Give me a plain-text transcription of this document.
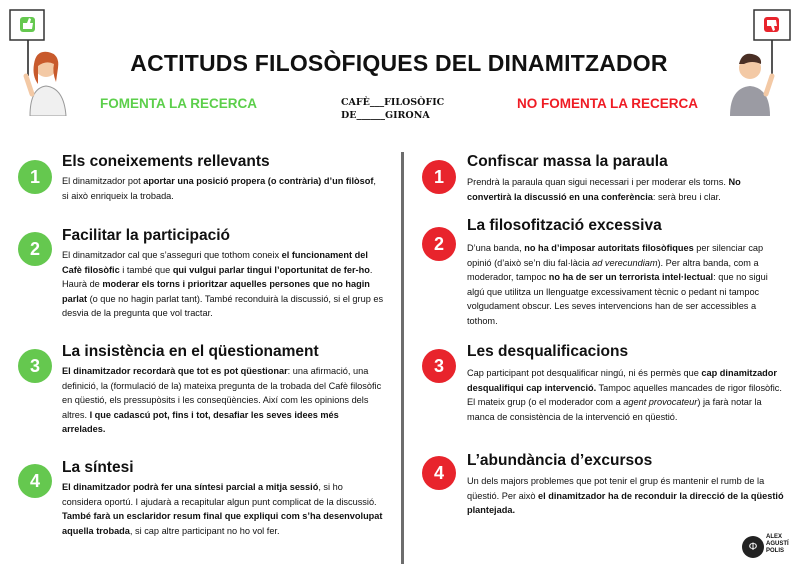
ACTITUDS FILOSÒFIQUES DEL DINAMITZADOR
FOMENTA LA RECERCA	CAFÈ___FILOSÒFIC
DE______GIRONA
NO FOMENTA LA RECERCA
1
Els coneixements rellevants
El dinamitzador pot aportar una posició propera (o contrària) d’un filòsof, si això enriqueix la trobada.
2
Facilitar la participació
El dinamitzador cal que s’asseguri que tothom coneix el funcionament del Cafè filosòfic i també que qui vulgui parlar tingui l’oportunitat de fer-ho. Haurà de moderar els torns i prioritzar aquelles persones que no hagin parlat (o que no hagin parlat tant). També reconduirà la discussió, si el grup es desvia de la pregunta que vol tractar.
3
La insistència en el qüestionament
El dinamitzador recordarà que tot es pot qüestionar: una afirmació, una definició, la (formulació de la) mateixa pregunta de la trobada del Cafè filosòfic en qüestió, els pressupòsits i les conseqüències. Així com les opinions dels altres. I que cadascú pot, fins i tot, desafiar les seves idees més arrelades.
4
La síntesi
El dinamitzador podrà fer una síntesi parcial a mitja sessió, si ho considera oportú. I ajudarà a recapitular algun punt complicat de la discussió. També farà un esclaridor resum final que expliqui com s’ha desenvolupat aquella trobada, si cap altre participant no ho vol fer.
1
Confiscar massa la paraula
Prendrà la paraula quan sigui necessari i per moderar els torns. No convertirà la discussió en una conferència: serà breu i clar.
2
La filosofització excessiva
D’una banda, no ha d’imposar autoritats filosòfiques per silenciar cap opinió (d’això se’n diu fal·làcia ad verecundiam). Per altra banda, com a moderador, tampoc no ha de ser un terrorista intel·lectual: que no sigui algú que utilitza un llenguatge excessivament tècnic o pedant ni tampoc volgudament obscur. Les seves intervencions han de ser accessibles a tothom.
3
Les desqualificacions
Cap participant pot desqualificar ningú, ni és permès que cap dinamitzador desqualifiqui cap intervenció. Tampoc aquelles mancades de rigor filosòfic. El mateix grup (o el moderador com a agent provocateur) ja farà notar la manca de consistència de la intervenció en qüestió.
4
L’abundància d’excursos
Un dels majors problemes que pot tenir el grup és mantenir el rumb de la qüestió. Per això el dinamitzador ha de reconduir la direcció de la qüestió plantejada.
Φ
ALEX
AGUSTÍ
POLIS
